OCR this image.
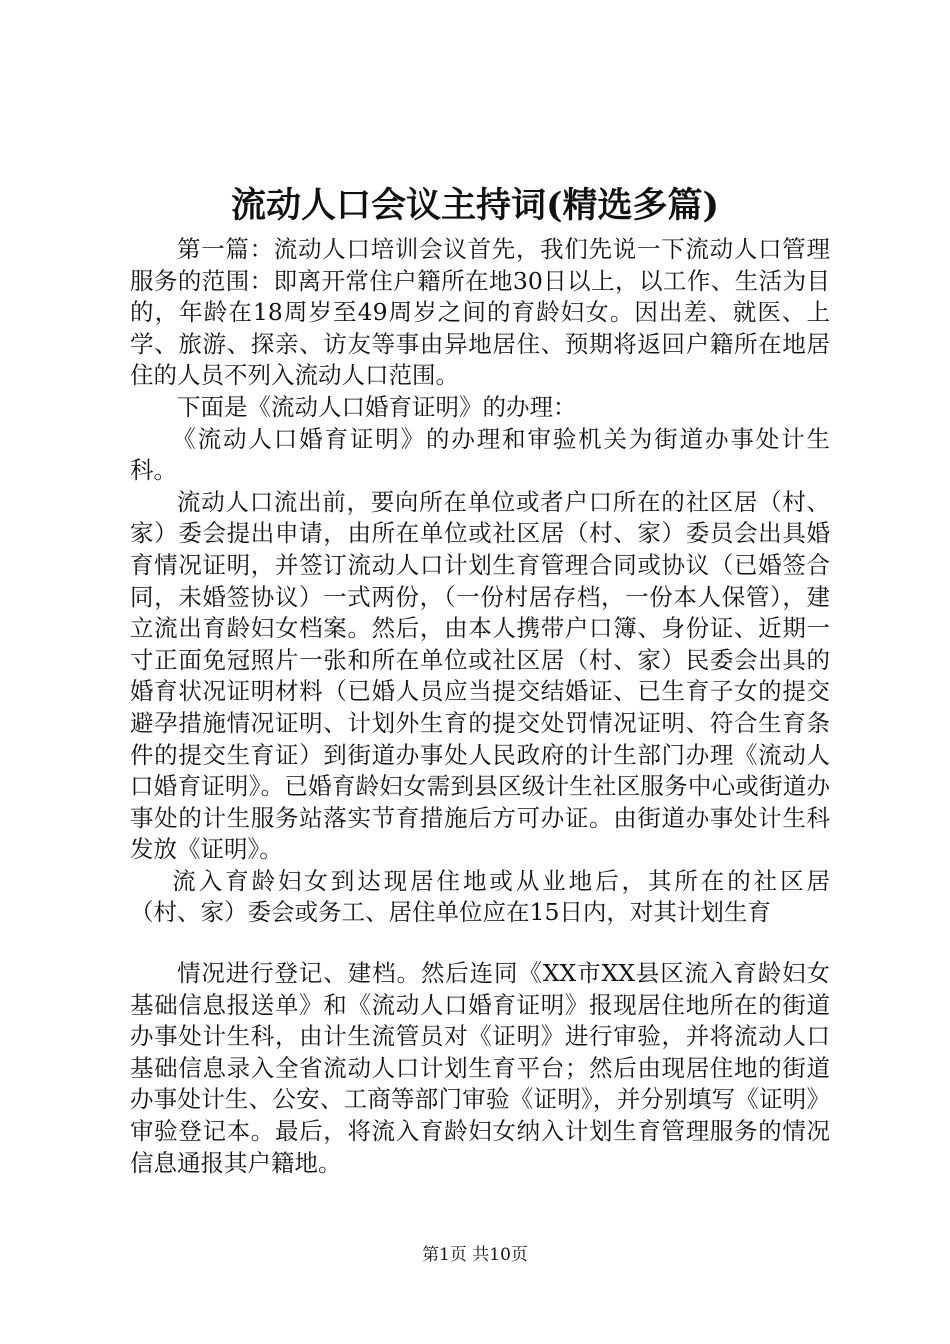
流动人口会议主持词(精选多篇)

第一篇：流动人口培训会议首先，我们先说一下流动人口管理服务的范围：即离开常住户籍所在地30日以上，以工作、生活为目的，年龄在18周岁至49周岁之间的育龄妇女。因出差、就医、上学、旅游、探亲、访友等事由异地居住、预期将返回户籍所在地居住的人员不列入流动人口范围。

下面是《流动人口婚育证明》的办理：

《流动人口婚育证明》的办理和审验机关为街道办事处计生科。

流动人口流出前，要向所在单位或者户口所在的社区居（村、家）委会提出申请，由所在单位或社区居（村、家）委员会出具婚育情况证明，并签订流动人口计划生育管理合同或协议（已婚签合同，未婚签协议）一式两份，（一份村居存档，一份本人保管），建立流出育龄妇女档案。然后，由本人携带户口簿、身份证、近期一寸正面免冠照片一张和所在单位或社区居（村、家）民委会出具的婚育状况证明材料（已婚人员应当提交结婚证、已生育子女的提交避孕措施情况证明、计划外生育的提交处罚情况证明、符合生育条件的提交生育证）到街道办事处人民政府的计生部门办理《流动人口婚育证明》。已婚育龄妇女需到县区级计生社区服务中心或街道办事处的计生服务站落实节育措施后方可办证。由街道办事处计生科发放《证明》。

流入育龄妇女到达现居住地或从业地后，其所在的社区居（村、家）委会或务工、居住单位应在15日内，对其计划生育

情况进行登记、建档。然后连同《XX市XX县区流入育龄妇女基础信息报送单》和《流动人口婚育证明》报现居住地所在的街道办事处计生科，由计生流管员对《证明》进行审验，并将流动人口基础信息录入全省流动人口计划生育平台；然后由现居住地的街道办事处计生、公安、工商等部门审验《证明》，并分别填写《证明》审验登记本。最后，将流入育龄妇女纳入计划生育管理服务的情况信息通报其户籍地。

第1页 共10页
